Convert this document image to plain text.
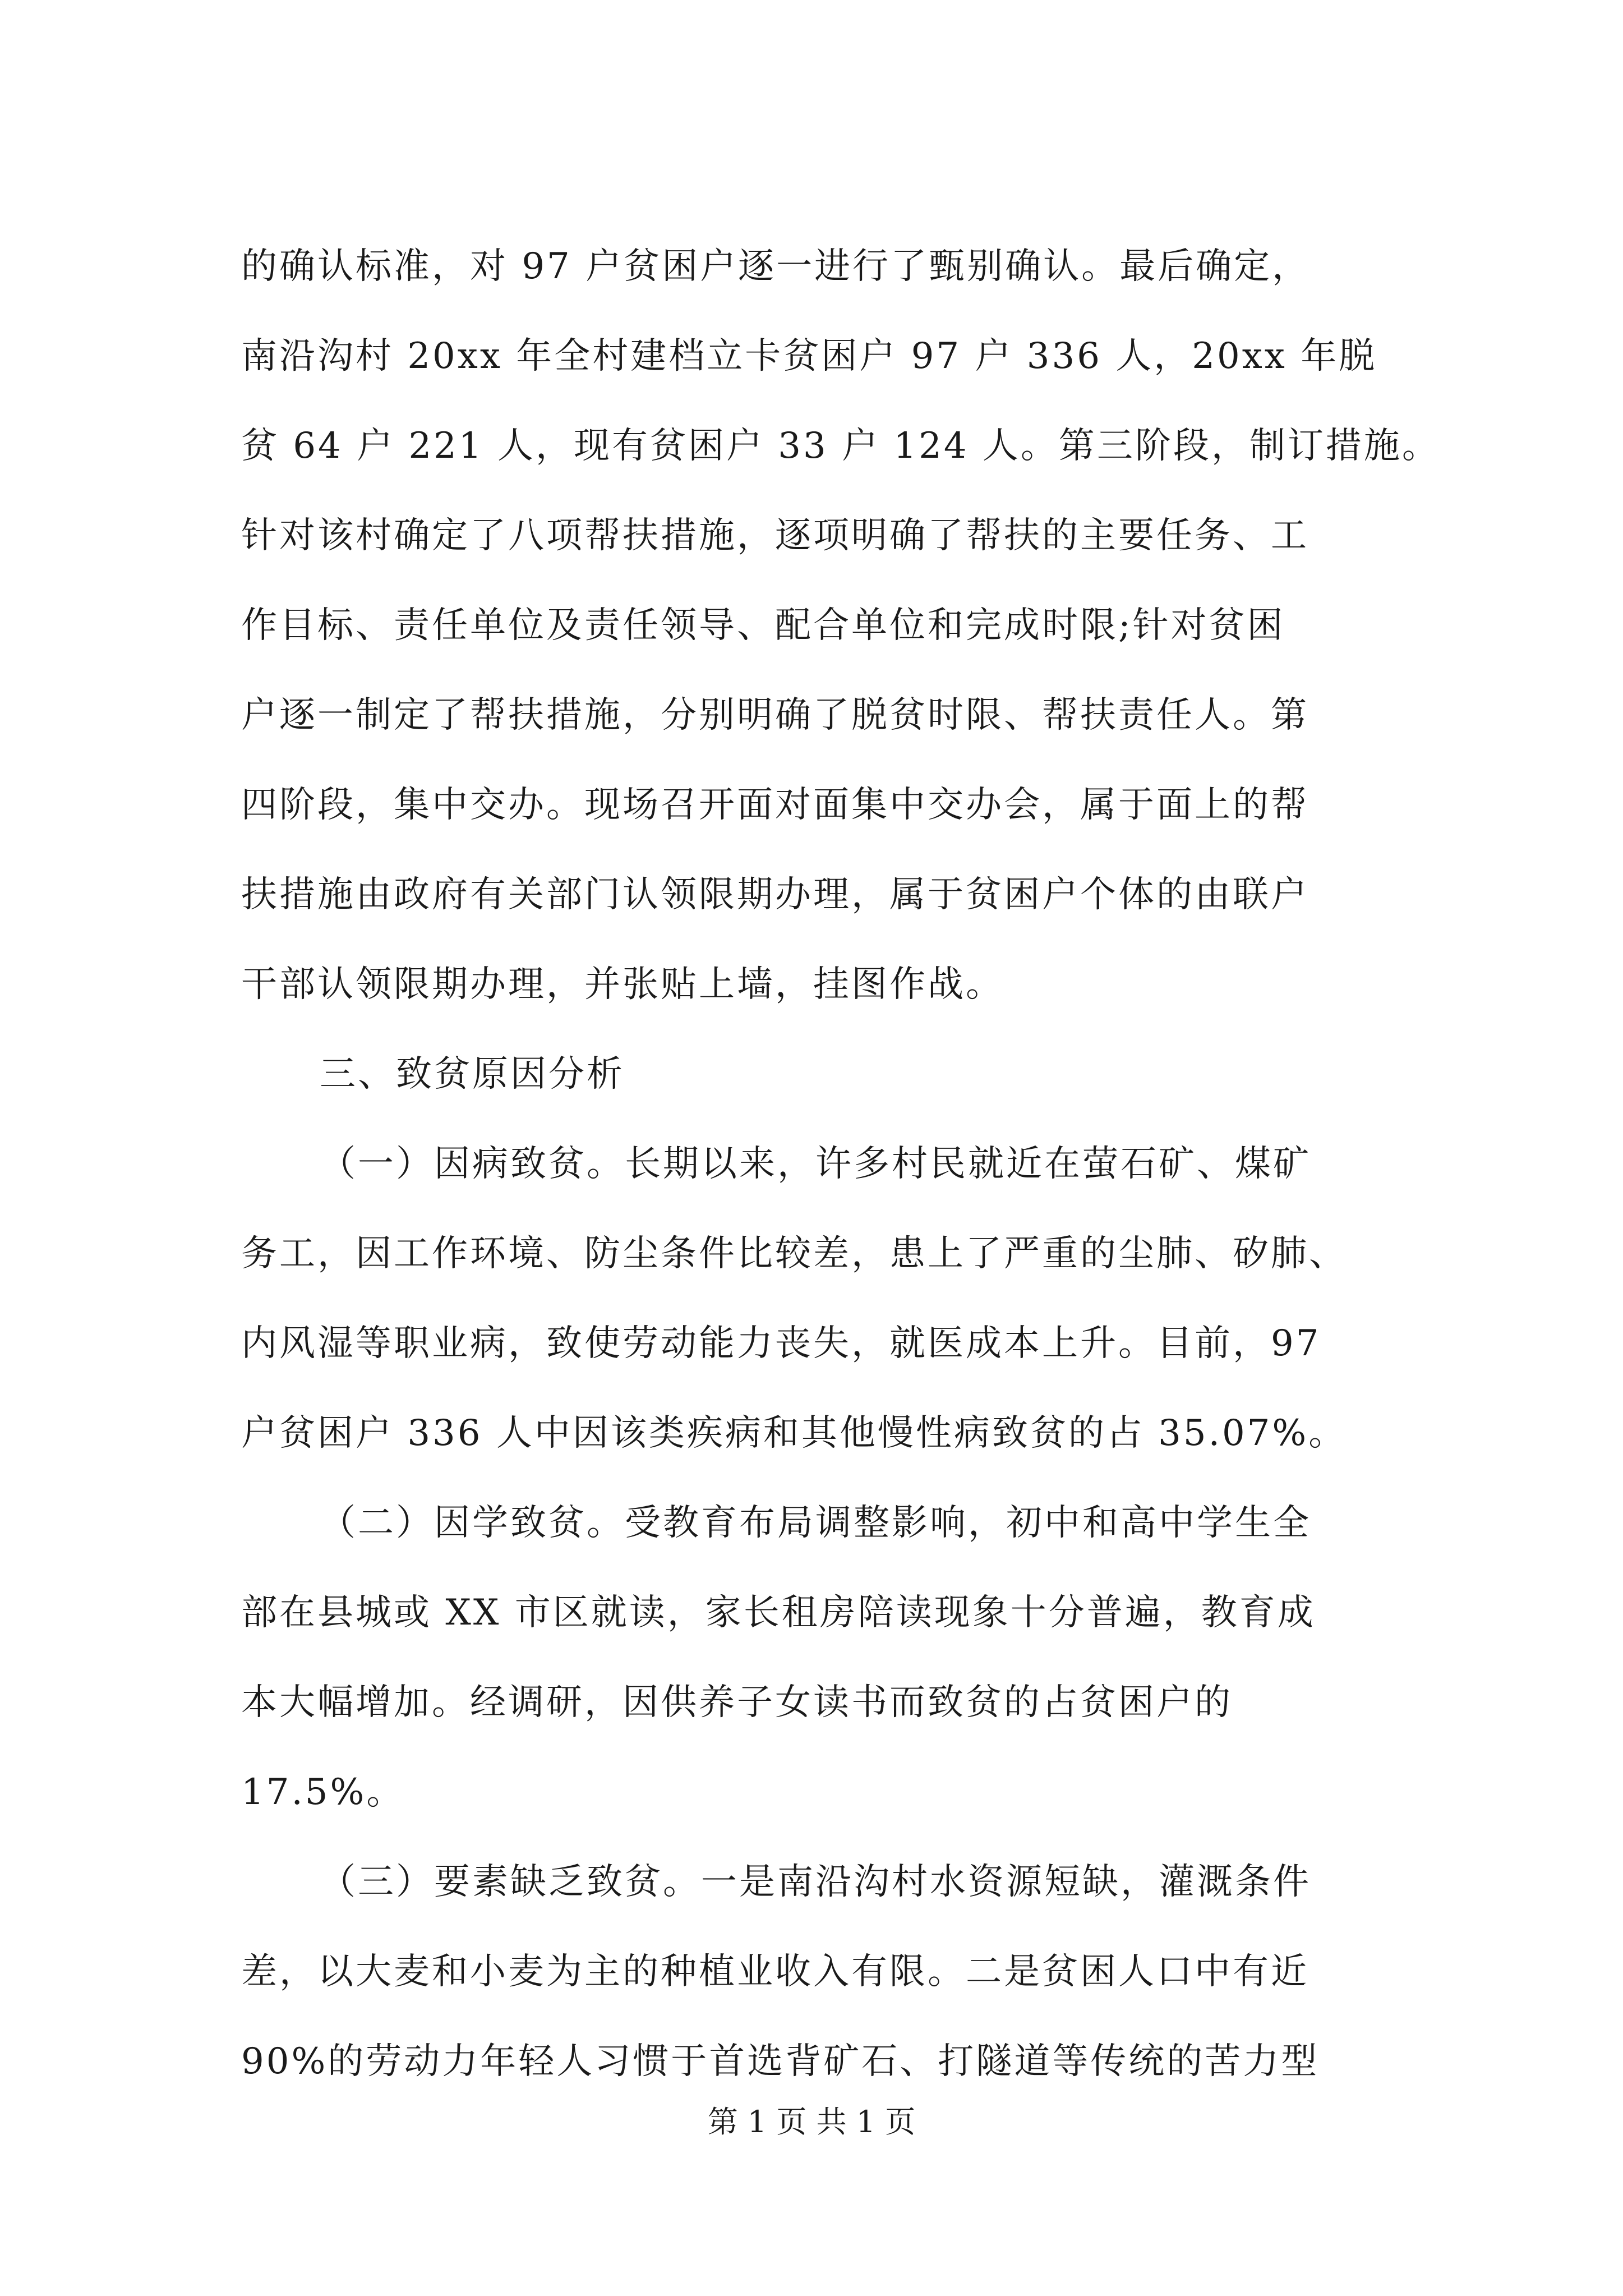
的确认标准，对 97 户贫困户逐一进行了甄别确认。最后确定，
南沿沟村 20xx 年全村建档立卡贫困户 97 户 336 人，20xx 年脱
贫 64 户 221 人，现有贫困户 33 户 124 人。第三阶段，制订措施。
针对该村确定了八项帮扶措施，逐项明确了帮扶的主要任务、工
作目标、责任单位及责任领导、配合单位和完成时限;针对贫困
户逐一制定了帮扶措施，分别明确了脱贫时限、帮扶责任人。第
四阶段，集中交办。现场召开面对面集中交办会，属于面上的帮
扶措施由政府有关部门认领限期办理，属于贫困户个体的由联户
干部认领限期办理，并张贴上墙，挂图作战。
三、致贫原因分析
（一）因病致贫。长期以来，许多村民就近在萤石矿、煤矿
务工，因工作环境、防尘条件比较差，患上了严重的尘肺、矽肺、
内风湿等职业病，致使劳动能力丧失，就医成本上升。目前，97
户贫困户 336 人中因该类疾病和其他慢性病致贫的占 35.07%。
（二）因学致贫。受教育布局调整影响，初中和高中学生全
部在县城或 XX 市区就读，家长租房陪读现象十分普遍，教育成
本大幅增加。经调研，因供养子女读书而致贫的占贫困户的
17.5%。
（三）要素缺乏致贫。一是南沿沟村水资源短缺，灌溉条件
差，以大麦和小麦为主的种植业收入有限。二是贫困人口中有近
90%的劳动力年轻人习惯于首选背矿石、打隧道等传统的苦力型
第 1 页 共 1 页
